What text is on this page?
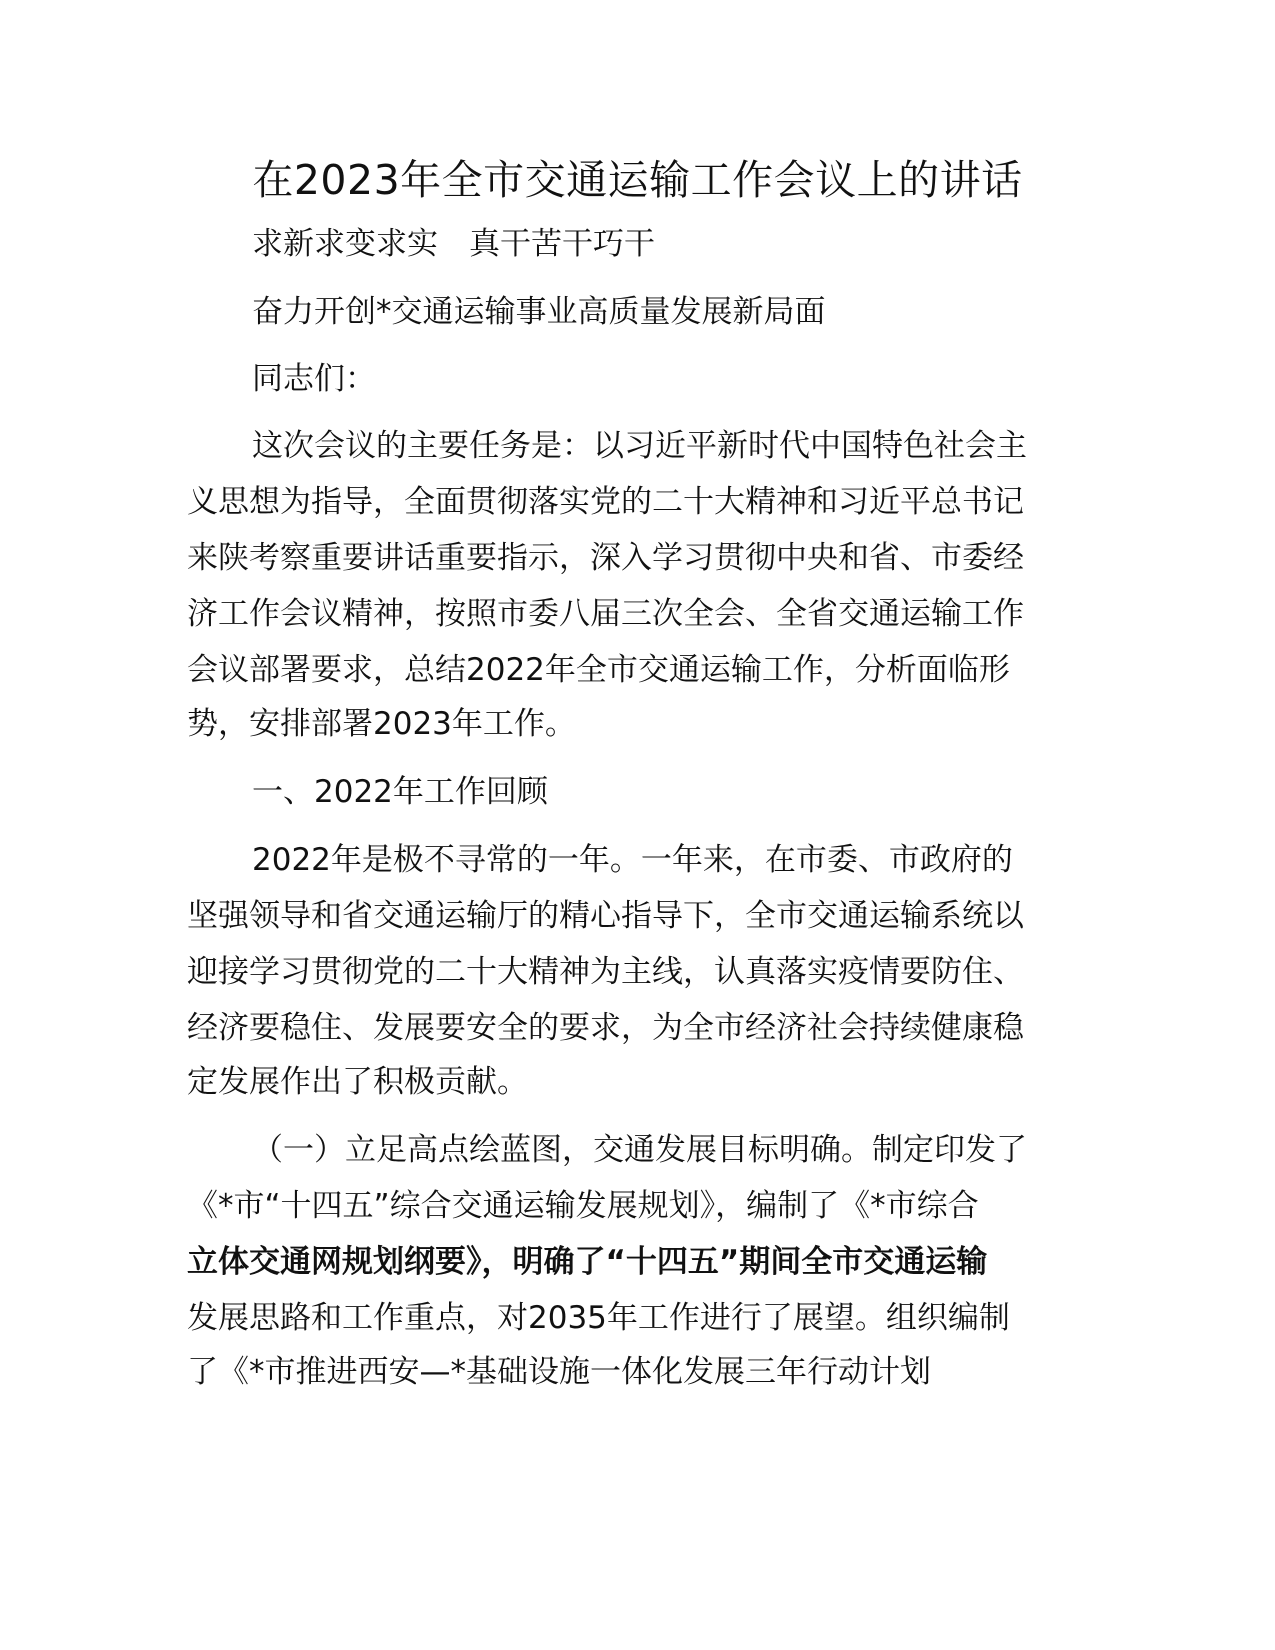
在2023年全市交通运输工作会议上的讲话

求新求变求实　真干苦干巧干

奋力开创*交通运输事业高质量发展新局面

同志们：

这次会议的主要任务是：以习近平新时代中国特色社会主

义思想为指导，全面贯彻落实党的二十大精神和习近平总书记

来陕考察重要讲话重要指示，深入学习贯彻中央和省、市委经

济工作会议精神，按照市委八届三次全会、全省交通运输工作

会议部署要求，总结2022年全市交通运输工作，分析面临形

势，安排部署2023年工作。

一、2022年工作回顾

2022年是极不寻常的一年。一年来，在市委、市政府的

坚强领导和省交通运输厅的精心指导下，全市交通运输系统以

迎接学习贯彻党的二十大精神为主线，认真落实疫情要防住、

经济要稳住、发展要安全的要求，为全市经济社会持续健康稳

定发展作出了积极贡献。

（一）立足高点绘蓝图，交通发展目标明确。制定印发了

《*市“十四五”综合交通运输发展规划》，编制了《*市综合

立体交通网规划纲要》，明确了“十四五”期间全市交通运输

发展思路和工作重点，对2035年工作进行了展望。组织编制

了《*市推进西安—*基础设施一体化发展三年行动计划
